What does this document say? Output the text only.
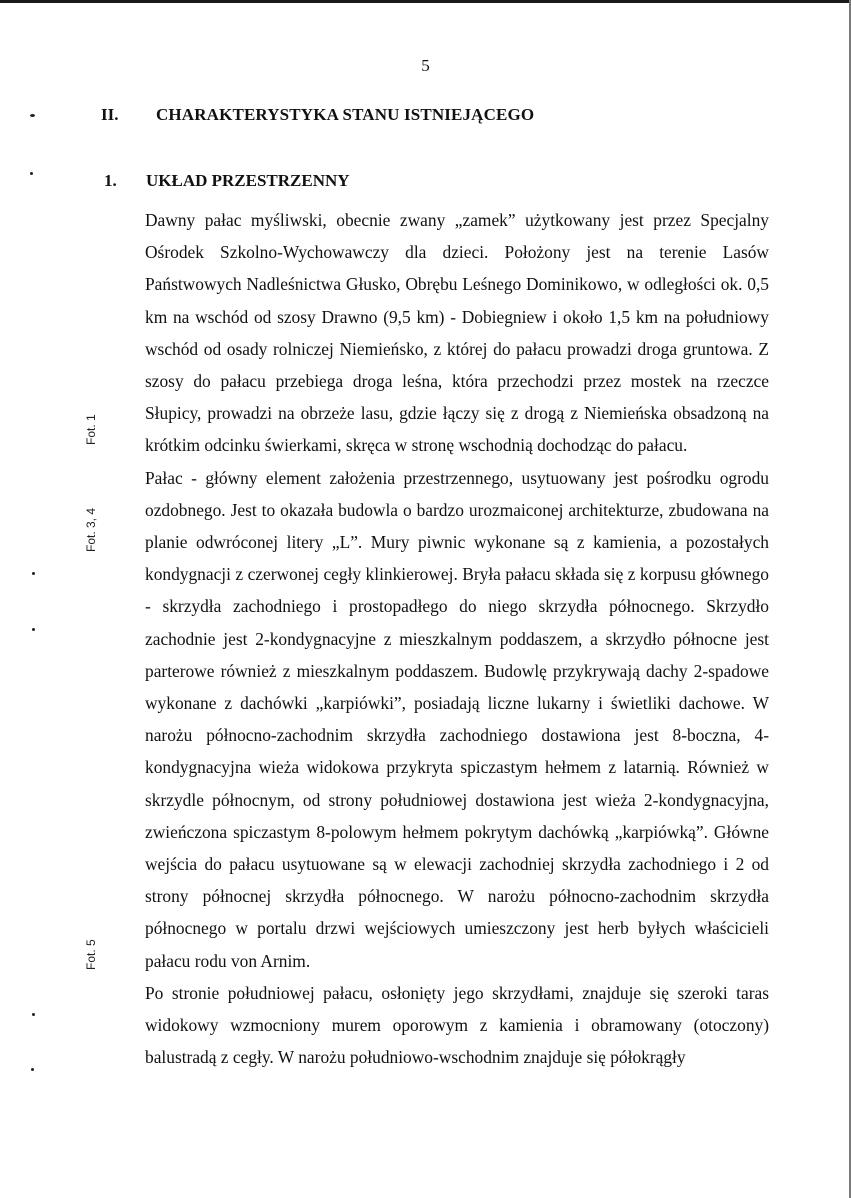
5
II. CHARAKTERYSTYKA STANU ISTNIEJĄCEGO
1. UKŁAD PRZESTRZENNY
Fot. 1
Fot. 3, 4
Fot. 5

Dawny pałac myśliwski, obecnie zwany „zamek” użytkowany jest przez Specjalny Ośrodek Szkolno-Wychowawczy dla dzieci. Położony jest na terenie Lasów Państwowych Nadleśnictwa Głusko, Obrębu Leśnego Dominikowo, w odległości ok. 0,5 km na wschód od szosy Drawno (9,5 km) - Dobiegniew i około 1,5 km na południowy wschód od osady rolniczej Niemieńsko, z której do pałacu prowadzi droga gruntowa. Z szosy do pałacu przebiega droga leśna, która przechodzi przez mostek na rzeczce Słupicy, prowadzi na obrzeże lasu, gdzie łączy się z drogą z Niemieńska obsadzoną na krótkim odcinku świerkami, skręca w stronę wschodnią dochodząc do pałacu.

Pałac - główny element założenia przestrzennego, usytuowany jest pośrodku ogrodu ozdobnego. Jest to okazała budowla o bardzo urozmaiconej architekturze, zbudowana na planie odwróconej litery „L”. Mury piwnic wykonane są z kamienia, a pozostałych kondygnacji z czerwonej cegły klinkierowej. Bryła pałacu składa się z korpusu głównego - skrzydła zachodniego i prostopadłego do niego skrzydła północnego. Skrzydło zachodnie jest 2-kondygnacyjne z mieszkalnym poddaszem, a skrzydło północne jest parterowe również z mieszkalnym poddaszem. Budowlę przykrywają dachy 2-spadowe wykonane z dachówki „karpiówki”, posiadają liczne lukarny i świetliki dachowe. W narożu północno-zachodnim skrzydła zachodniego dostawiona jest 8-boczna, 4-kondygnacyjna wieża widokowa przykryta spiczastym hełmem z latarnią. Również w skrzydle północnym, od strony południowej dostawiona jest wieża 2-kondygnacyjna, zwieńczona spiczastym 8-polowym hełmem pokrytym dachówką „karpiówką”. Główne wejścia do pałacu usytuowane są w elewacji zachodniej skrzydła zachodniego i 2 od strony północnej skrzydła północnego. W narożu północno-zachodnim skrzydła północnego w portalu drzwi wejściowych umieszczony jest herb byłych właścicieli pałacu rodu von Arnim.

Po stronie południowej pałacu, osłonięty jego skrzydłami, znajduje się szeroki taras widokowy wzmocniony murem oporowym z kamienia i obramowany (otoczony) balustradą z cegły. W narożu południowo-wschodnim znajduje się półokrągły
